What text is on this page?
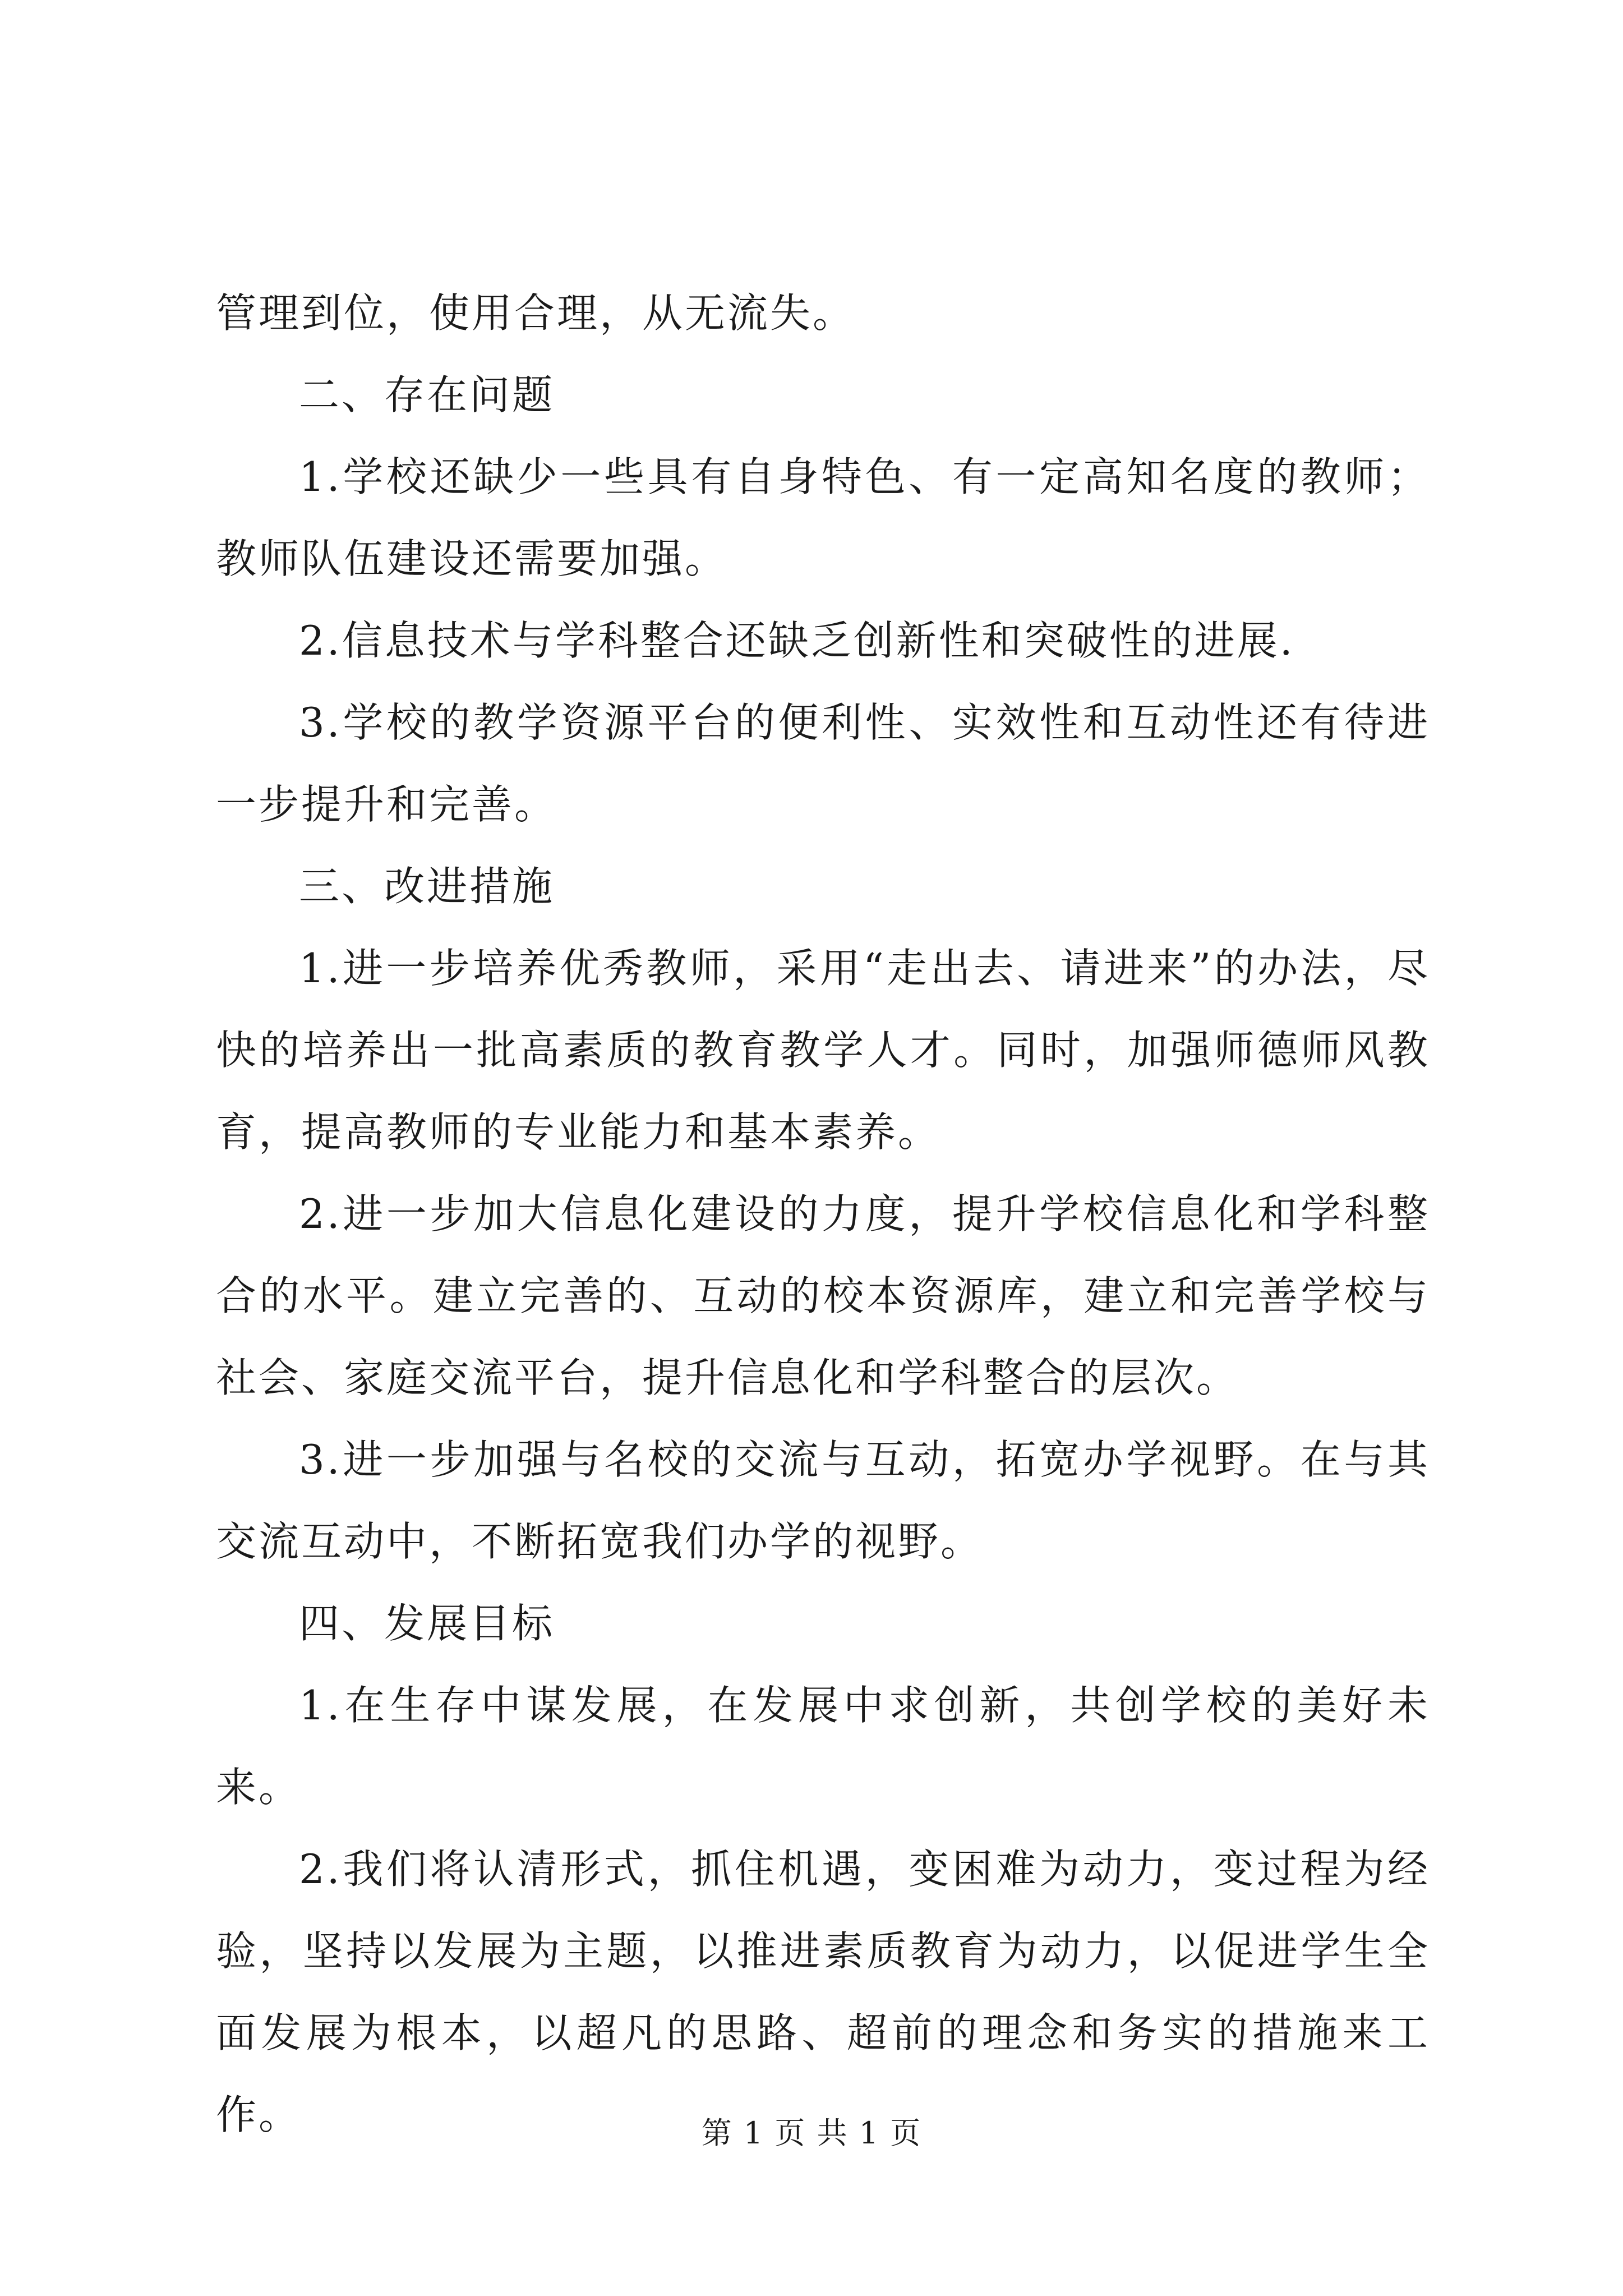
管理到位，使用合理，从无流失。

二、存在问题

1.学校还缺少一些具有自身特色、有一定高知名度的教师；教师队伍建设还需要加强。

2.信息技术与学科整合还缺乏创新性和突破性的进展.

3.学校的教学资源平台的便利性、实效性和互动性还有待进一步提升和完善。

三、改进措施

1.进一步培养优秀教师，采用“走出去、请进来”的办法，尽快的培养出一批高素质的教育教学人才。同时，加强师德师风教育，提高教师的专业能力和基本素养。

2.进一步加大信息化建设的力度，提升学校信息化和学科整合的水平。建立完善的、互动的校本资源库，建立和完善学校与社会、家庭交流平台，提升信息化和学科整合的层次。

3.进一步加强与名校的交流与互动，拓宽办学视野。在与其交流互动中，不断拓宽我们办学的视野。

四、发展目标

1.在生存中谋发展，在发展中求创新，共创学校的美好未来。

2.我们将认清形式，抓住机遇，变困难为动力，变过程为经验，坚持以发展为主题，以推进素质教育为动力，以促进学生全面发展为根本，以超凡的思路、超前的理念和务实的措施来工作。	第 1 页 共 1 页
